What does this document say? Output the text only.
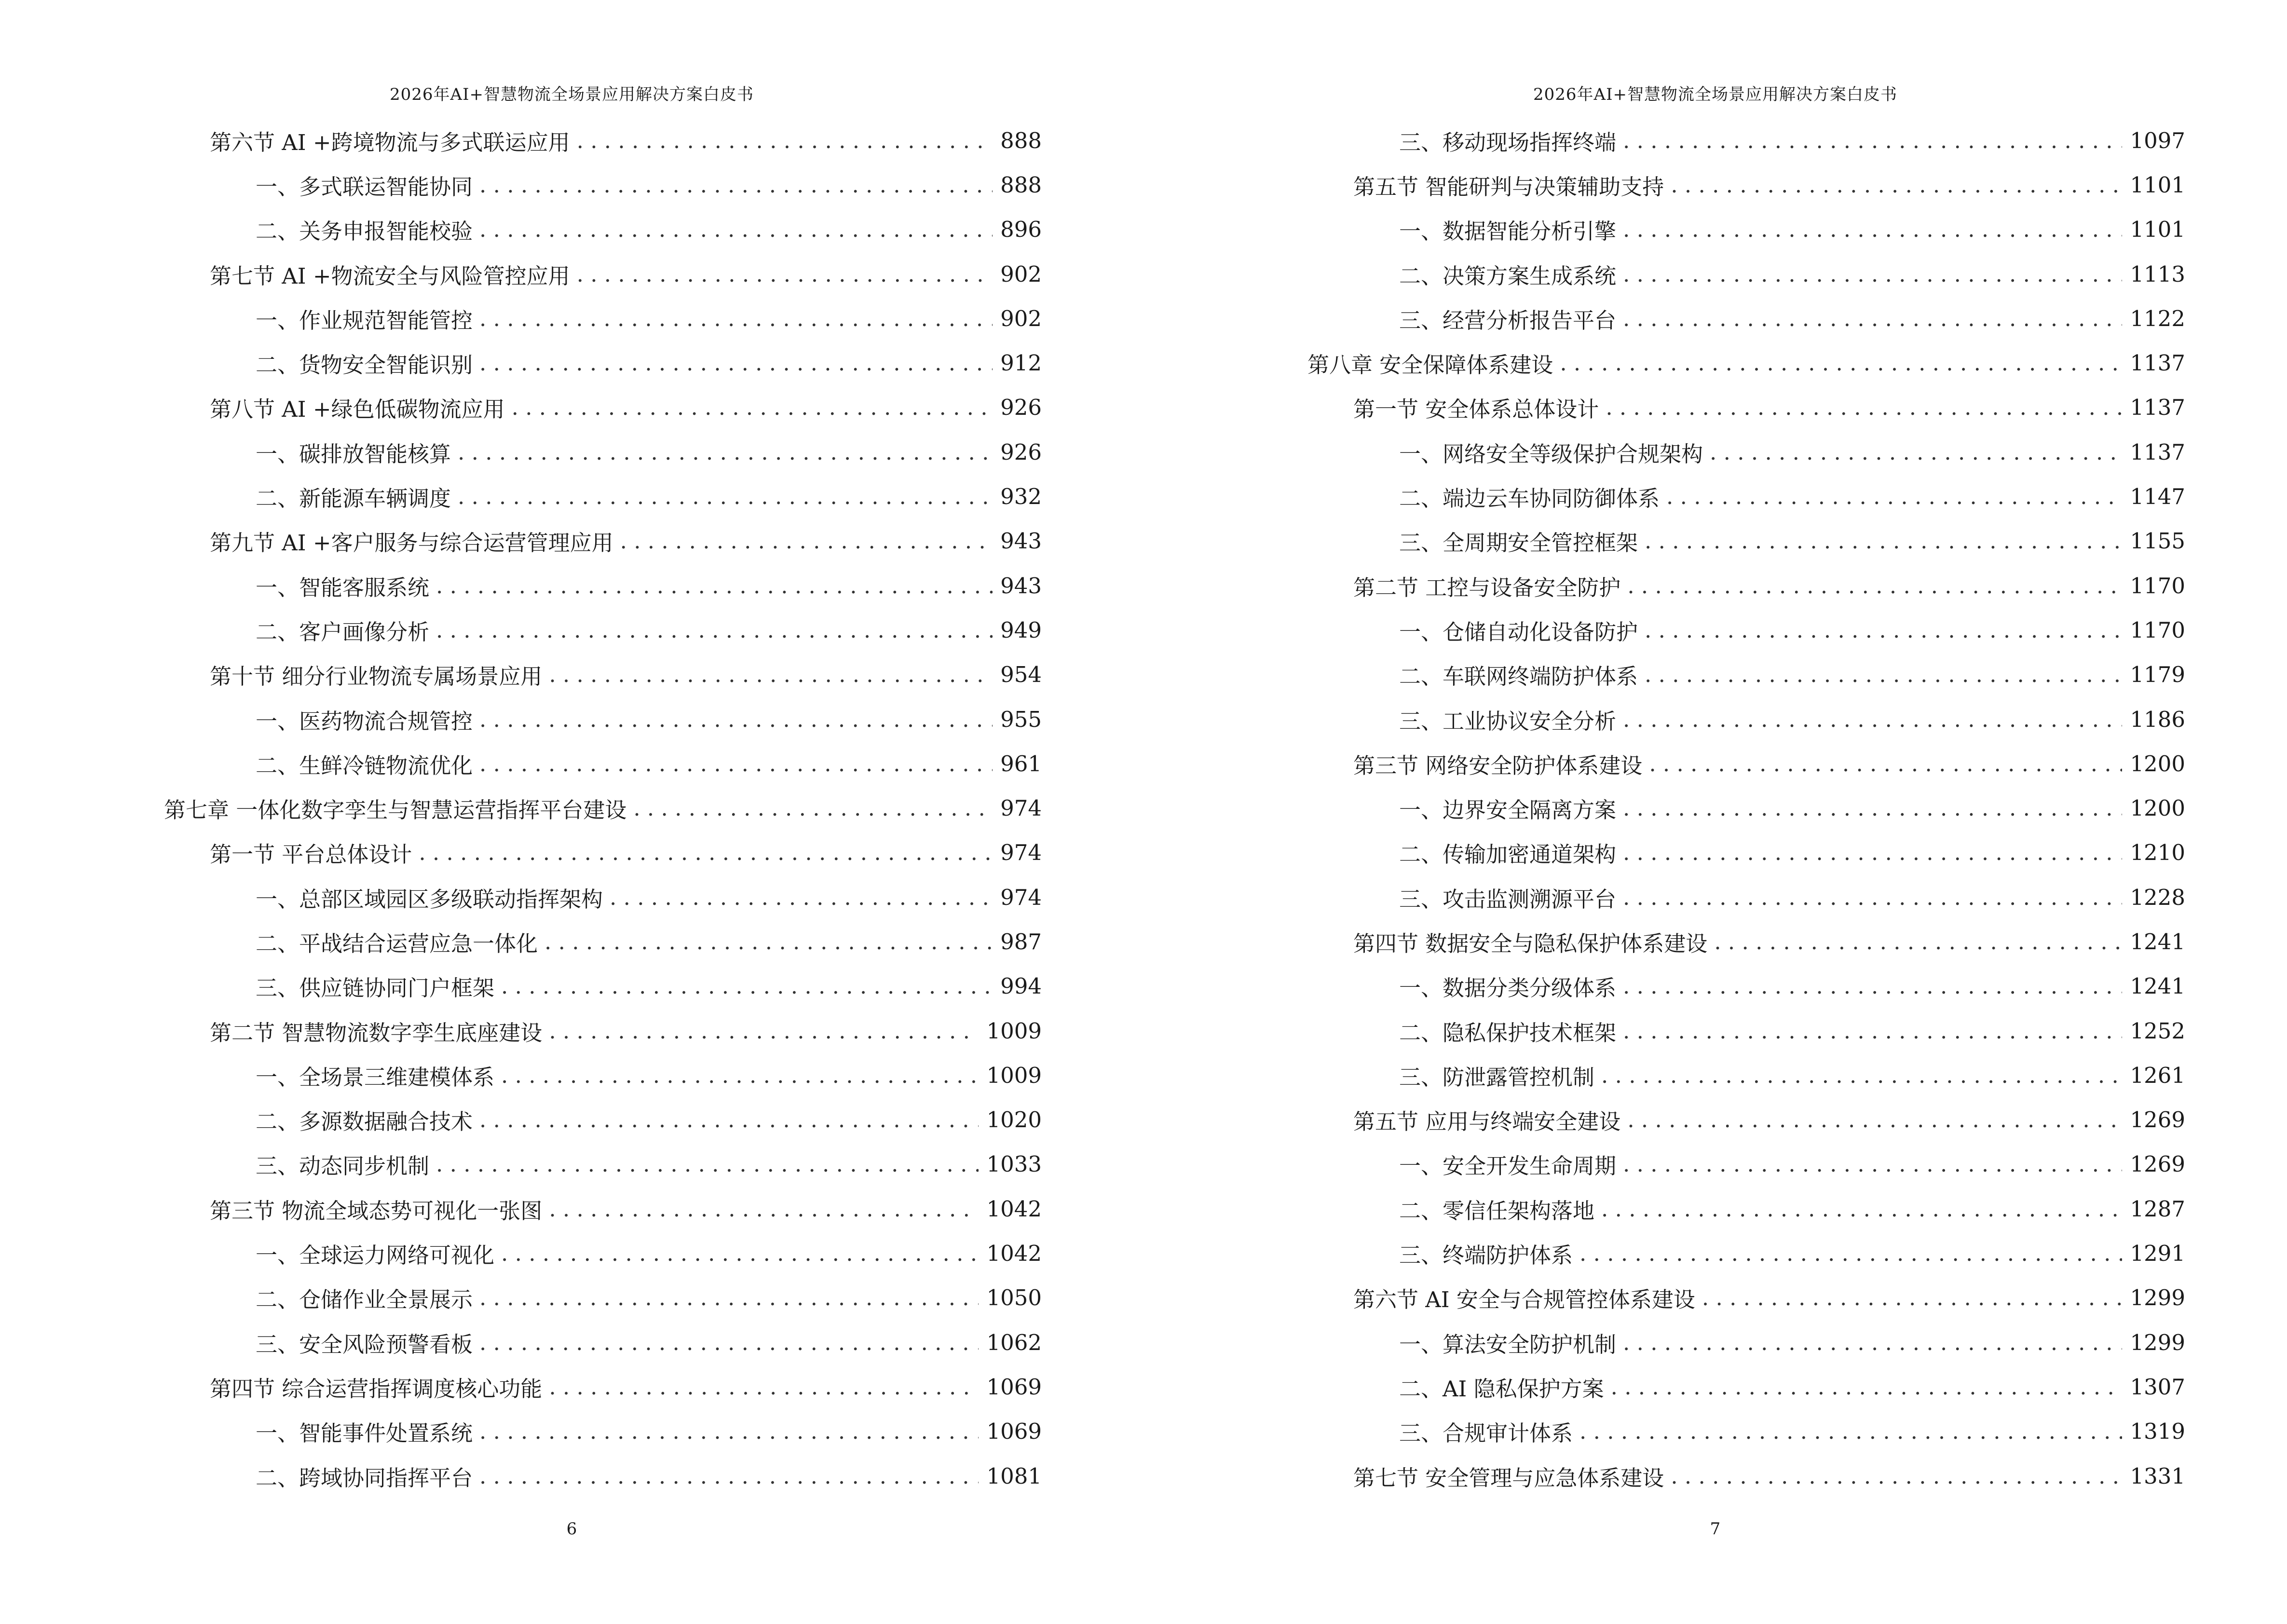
2026年AI+智慧物流全场景应用解决方案白皮书
第六节 AI +跨境物流与多式联运应用 . . .	888
一、多式联运智能协同 . . .	888
二、关务申报智能校验 . . .	896
第七节 AI +物流安全与风险管控应用 . . .	902
一、作业规范智能管控 . . .	902
二、货物安全智能识别 . . .	912
第八节 AI +绿色低碳物流应用 . . .	926
一、碳排放智能核算 . . .	926
二、新能源车辆调度 . . .	932
第九节 AI +客户服务与综合运营管理应用 . . .	943
一、智能客服系统 . . .	943
二、客户画像分析 . . .	949
第十节 细分行业物流专属场景应用 . . .	954
一、医药物流合规管控 . . .	955
二、生鲜冷链物流优化 . . .	961
第七章 一体化数字孪生与智慧运营指挥平台建设 . . .	974
第一节 平台总体设计 . . .	974
一、总部区域园区多级联动指挥架构 . . .	974
二、平战结合运营应急一体化 . . .	987
三、供应链协同门户框架 . . .	994
第二节 智慧物流数字孪生底座建设 . . .	1009
一、全场景三维建模体系 . . .	1009
二、多源数据融合技术 . . .	1020
三、动态同步机制 . . .	1033
第三节 物流全域态势可视化一张图 . . .	1042
一、全球运力网络可视化 . . .	1042
二、仓储作业全景展示 . . .	1050
三、安全风险预警看板 . . .	1062
第四节 综合运营指挥调度核心功能 . . .	1069
一、智能事件处置系统 . . .	1069
二、跨域协同指挥平台 . . .	1081
6
2026年AI+智慧物流全场景应用解决方案白皮书
三、移动现场指挥终端 . . .	1097
第五节 智能研判与决策辅助支持 . . .	1101
一、数据智能分析引擎 . . .	1101
二、决策方案生成系统 . . .	1113
三、经营分析报告平台 . . .	1122
第八章 安全保障体系建设 . . .	1137
第一节 安全体系总体设计 . . .	1137
一、网络安全等级保护合规架构 . . .	1137
二、端边云车协同防御体系 . . .	1147
三、全周期安全管控框架 . . .	1155
第二节 工控与设备安全防护 . . .	1170
一、仓储自动化设备防护 . . .	1170
二、车联网终端防护体系 . . .	1179
三、工业协议安全分析 . . .	1186
第三节 网络安全防护体系建设 . . .	1200
一、边界安全隔离方案 . . .	1200
二、传输加密通道架构 . . .	1210
三、攻击监测溯源平台 . . .	1228
第四节 数据安全与隐私保护体系建设 . . .	1241
一、数据分类分级体系 . . .	1241
二、隐私保护技术框架 . . .	1252
三、防泄露管控机制 . . .	1261
第五节 应用与终端安全建设 . . .	1269
一、安全开发生命周期 . . .	1269
二、零信任架构落地 . . .	1287
三、终端防护体系 . . .	1291
第六节 AI 安全与合规管控体系建设 . . .	1299
一、算法安全防护机制 . . .	1299
二、AI 隐私保护方案 . . .	1307
三、合规审计体系 . . .	1319
第七节 安全管理与应急体系建设 . . .	1331
7
